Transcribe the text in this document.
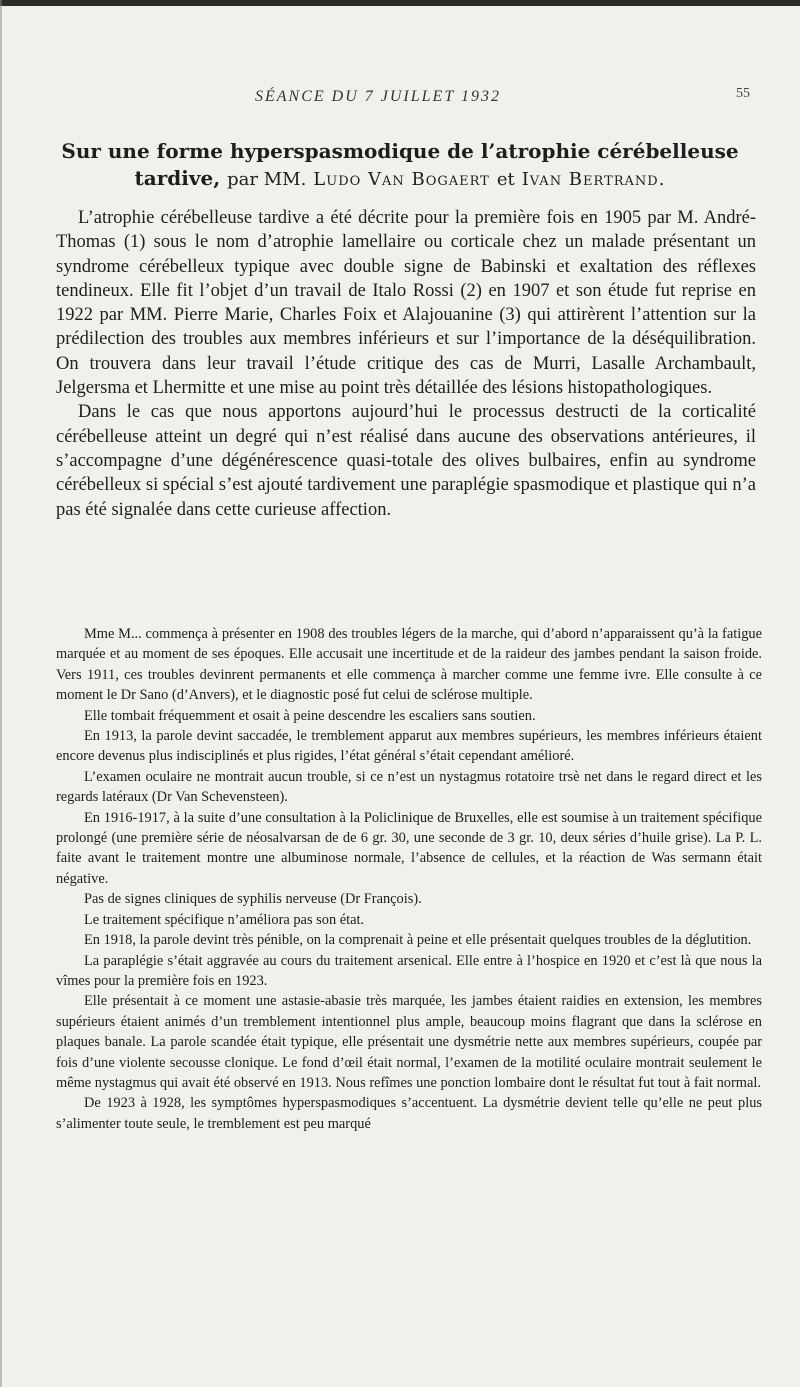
SÉANCE DU 7 JUILLET 1932	55
Sur une forme hyperspasmodique de l’atrophie cérébelleuse tardive, par MM. Ludo Van Bogaert et Ivan Bertrand.

L’atrophie cérébelleuse tardive a été décrite pour la première fois en 1905 par M. André-Thomas (1) sous le nom d’atrophie lamellaire ou corticale chez un malade présentant un syndrome cérébelleux typique avec double signe de Babinski et exaltation des réflexes tendineux. Elle fit l’objet d’un travail de Italo Rossi (2) en 1907 et son étude fut reprise en 1922 par MM. Pierre Marie, Charles Foix et Alajouanine (3) qui attirèrent l’attention sur la prédilection des troubles aux membres inférieurs et sur l’importance de la déséquilibration. On trouvera dans leur travail l’étude critique des cas de Murri, Lasalle Archambault, Jelgersma et Lhermitte et une mise au point très détaillée des lésions histopathologiques.

Dans le cas que nous apportons aujourd’hui le processus destructi de la corticalité cérébelleuse atteint un degré qui n’est réalisé dans aucune des observations antérieures, il s’accompagne d’une dégénérescence quasi-totale des olives bulbaires, enfin au syndrome cérébelleux si spécial s’est ajouté tardivement une paraplégie spasmodique et plastique qui n’a pas été signalée dans cette curieuse affection.

Mme M... commença à présenter en 1908 des troubles légers de la marche, qui d’abord n’apparaissent qu’à la fatigue marquée et au moment de ses époques. Elle accusait une incertitude et de la raideur des jambes pendant la saison froide. Vers 1911, ces troubles devinrent permanents et elle commença à marcher comme une femme ivre. Elle consulte à ce moment le Dr Sano (d’Anvers), et le diagnostic posé fut celui de sclérose multiple.

Elle tombait fréquemment et osait à peine descendre les escaliers sans soutien.

En 1913, la parole devint saccadée, le tremblement apparut aux membres supérieurs, les membres inférieurs étaient encore devenus plus indisciplinés et plus rigides, l’état général s’était cependant amélioré.

L’examen oculaire ne montrait aucun trouble, si ce n’est un nystagmus rotatoire trsè net dans le regard direct et les regards latéraux (Dr Van Schevensteen).

En 1916-1917, à la suite d’une consultation à la Policlinique de Bruxelles, elle est soumise à un traitement spécifique prolongé (une première série de néosalvarsan de de 6 gr. 30, une seconde de 3 gr. 10, deux séries d’huile grise). La P. L. faite avant le traitement montre une albuminose normale, l’absence de cellules, et la réaction de Was sermann était négative.

Pas de signes cliniques de syphilis nerveuse (Dr François).

Le traitement spécifique n’améliora pas son état.

En 1918, la parole devint très pénible, on la comprenait à peine et elle présentait quelques troubles de la déglutition.

La paraplégie s’était aggravée au cours du traitement arsenical. Elle entre à l’hospice en 1920 et c’est là que nous la vîmes pour la première fois en 1923.

Elle présentait à ce moment une astasie-abasie très marquée, les jambes étaient raidies en extension, les membres supérieurs étaient animés d’un tremblement intentionnel plus ample, beaucoup moins flagrant que dans la sclérose en plaques banale. La parole scandée était typique, elle présentait une dysmétrie nette aux membres supérieurs, coupée par fois d’une violente secousse clonique. Le fond d’œil était normal, l’examen de la motilité oculaire montrait seulement le même nystagmus qui avait été observé en 1913. Nous refîmes une ponction lombaire dont le résultat fut tout à fait normal.

De 1923 à 1928, les symptômes hyperspasmodiques s’accentuent. La dysmétrie devient telle qu’elle ne peut plus s’alimenter toute seule, le tremblement est peu marqué
